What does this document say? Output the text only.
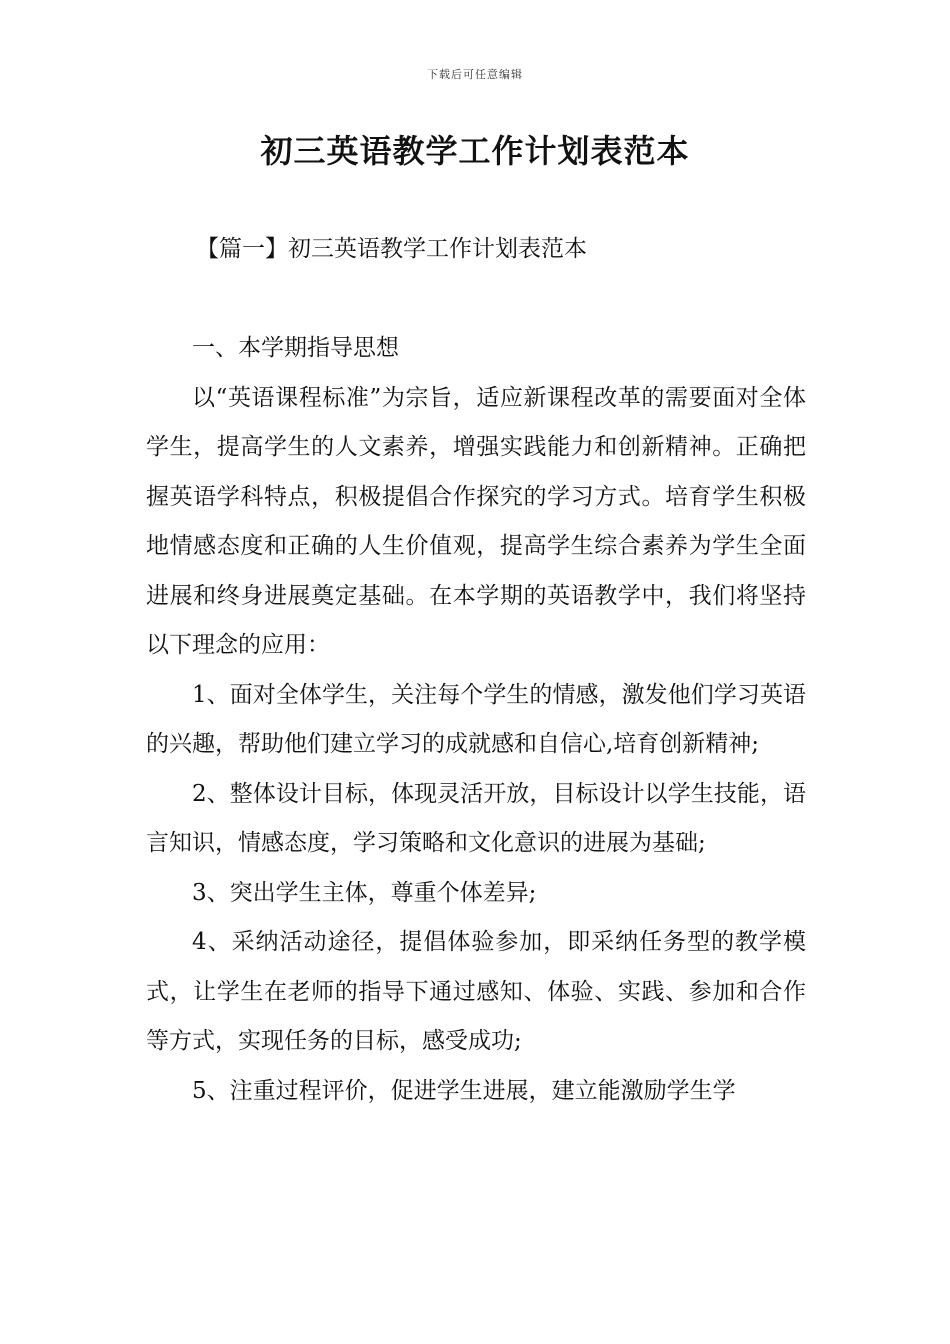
下载后可任意编辑
初三英语教学工作计划表范本
【篇一】初三英语教学工作计划表范本

一、本学期指导思想

以“英语课程标准”为宗旨，适应新课程改革的需要面对全体学生，提高学生的人文素养，增强实践能力和创新精神。正确把握英语学科特点，积极提倡合作探究的学习方式。培育学生积极地情感态度和正确的人生价值观，提高学生综合素养为学生全面进展和终身进展奠定基础。在本学期的英语教学中，我们将坚持以下理念的应用：

1、面对全体学生，关注每个学生的情感，激发他们学习英语的兴趣，帮助他们建立学习的成就感和自信心,培育创新精神;

2、整体设计目标，体现灵活开放，目标设计以学生技能，语言知识，情感态度，学习策略和文化意识的进展为基础;

3、突出学生主体，尊重个体差异;

4、采纳活动途径，提倡体验参加，即采纳任务型的教学模式，让学生在老师的指导下通过感知、体验、实践、参加和合作等方式，实现任务的目标，感受成功;

5、注重过程评价，促进学生进展，建立能激励学生学
